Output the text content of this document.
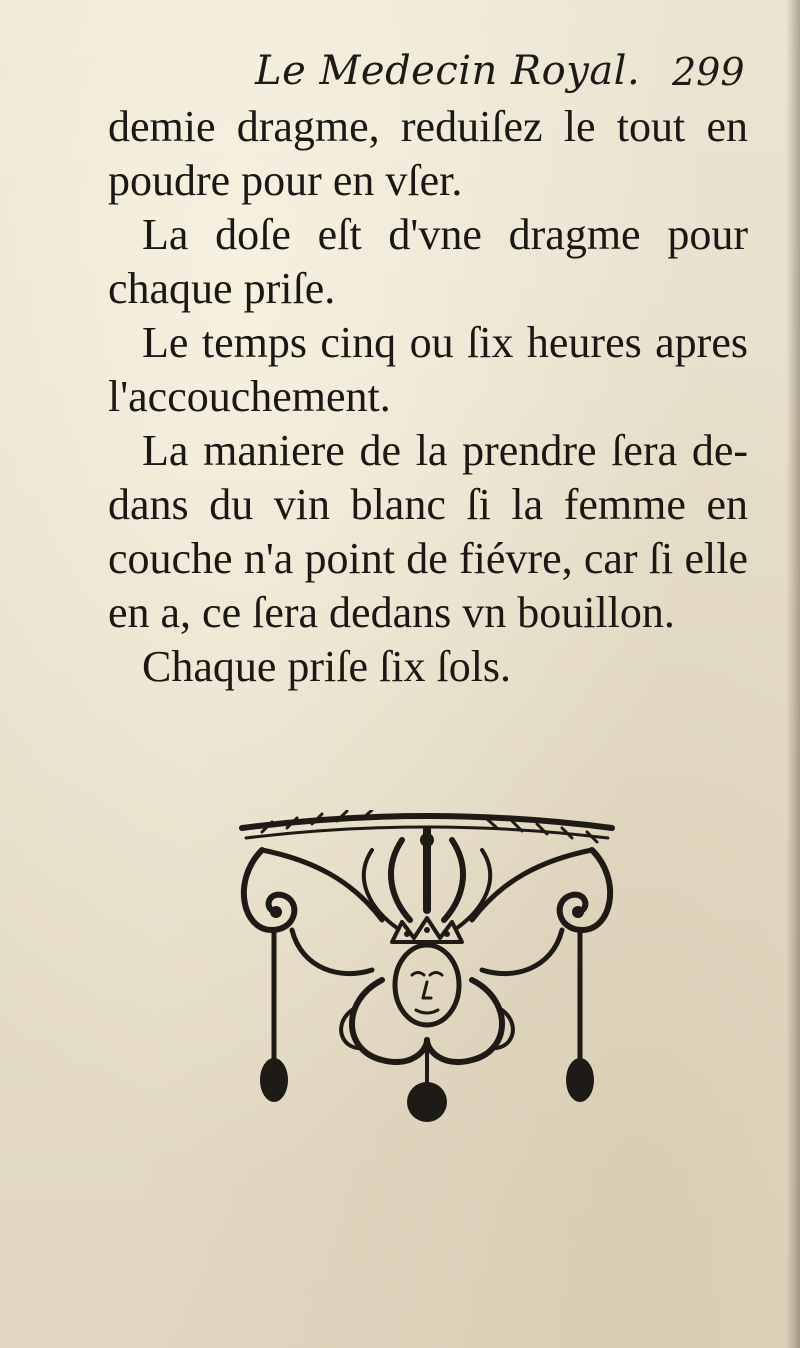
Le Medecin Royal. 299
demie dragme, reduiſez le tout en
poudre pour en vſer.
La doſe eſt d'vne dragme pour
chaque priſe.
Le temps cinq ou ſix heures apres
l'accouchement.
La maniere de la prendre ſera de-
dans du vin blanc ſi la femme en
couche n'a point de fiévre, car ſi elle
en a, ce ſera dedans vn bouillon.
Chaque priſe ſix ſols.
